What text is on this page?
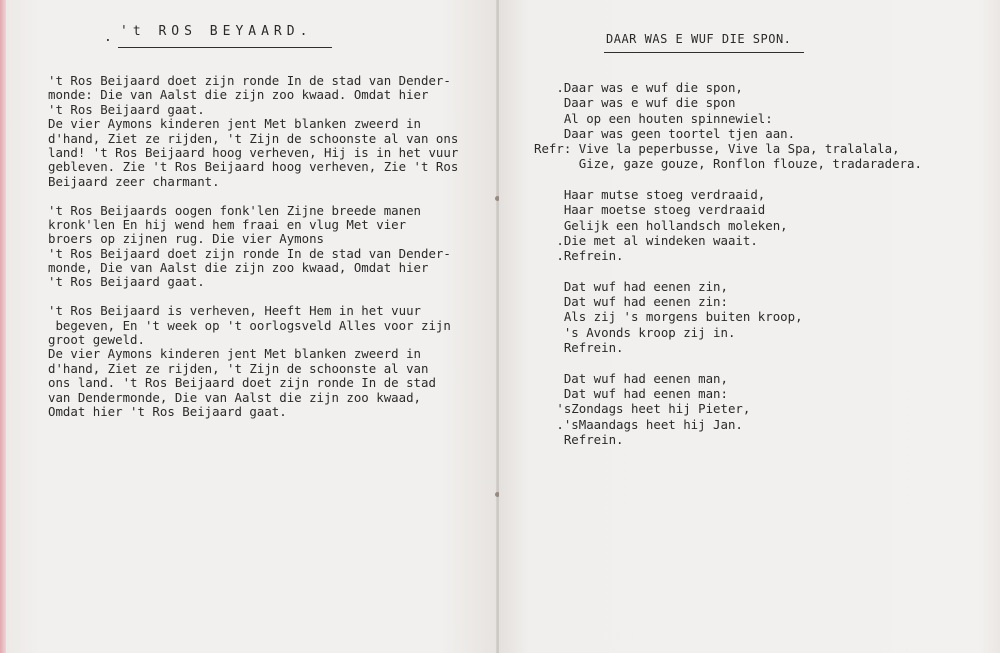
. 't ROS BEYAARD.
't Ros Beijaard doet zijn ronde In de stad van Dender-
monde: Die van Aalst die zijn zoo kwaad. Omdat hier
't Ros Beijaard gaat.
De vier Aymons kinderen jent Met blanken zweerd in
d'hand, Ziet ze rijden, 't Zijn de schoonste al van ons
land! 't Ros Beijaard hoog verheven, Hij is in het vuur
gebleven. Zie 't Ros Beijaard hoog verheven, Zie 't Ros
Beijaard zeer charmant.
't Ros Beijaards oogen fonk'len Zijne breede manen
kronk'len En hij wend hem fraai en vlug Met vier
broers op zijnen rug. Die vier Aymons
't Ros Beijaard doet zijn ronde In de stad van Dender-
monde, Die van Aalst die zijn zoo kwaad, Omdat hier
't Ros Beijaard gaat.
't Ros Beijaard is verheven, Heeft Hem in het vuur
begeven, En 't week op 't oorlogsveld Alles voor zijn
groot geweld.
De vier Aymons kinderen jent Met blanken zweerd in
d'hand, Ziet ze rijden, 't Zijn de schoonste al van
ons land. 't Ros Beijaard doet zijn ronde In de stad
van Dendermonde, Die van Aalst die zijn zoo kwaad,
Omdat hier 't Ros Beijaard gaat.
DAAR WAS E WUF DIE SPON.
.Daar was e wuf die spon,
Daar was e wuf die spon
Al op een houten spinnewiel:
Daar was geen toortel tjen aan.
Refr: Vive la peperbusse, Vive la Spa, tralalala,
Gize, gaze gouze, Ronflon flouze, tradaradera.
Haar mutse stoeg verdraaid,
Haar moetse stoeg verdraaid
Gelijk een hollandsch moleken,
.Die met al windeken waait.
.Refrein.
Dat wuf had eenen zin,
Dat wuf had eenen zin:
Als zij 's morgens buiten kroop,
's Avonds kroop zij in.
Refrein.
Dat wuf had eenen man,
Dat wuf had eenen man:
'sZondags heet hij Pieter,
.'sMaandags heet hij Jan.
Refrein.
